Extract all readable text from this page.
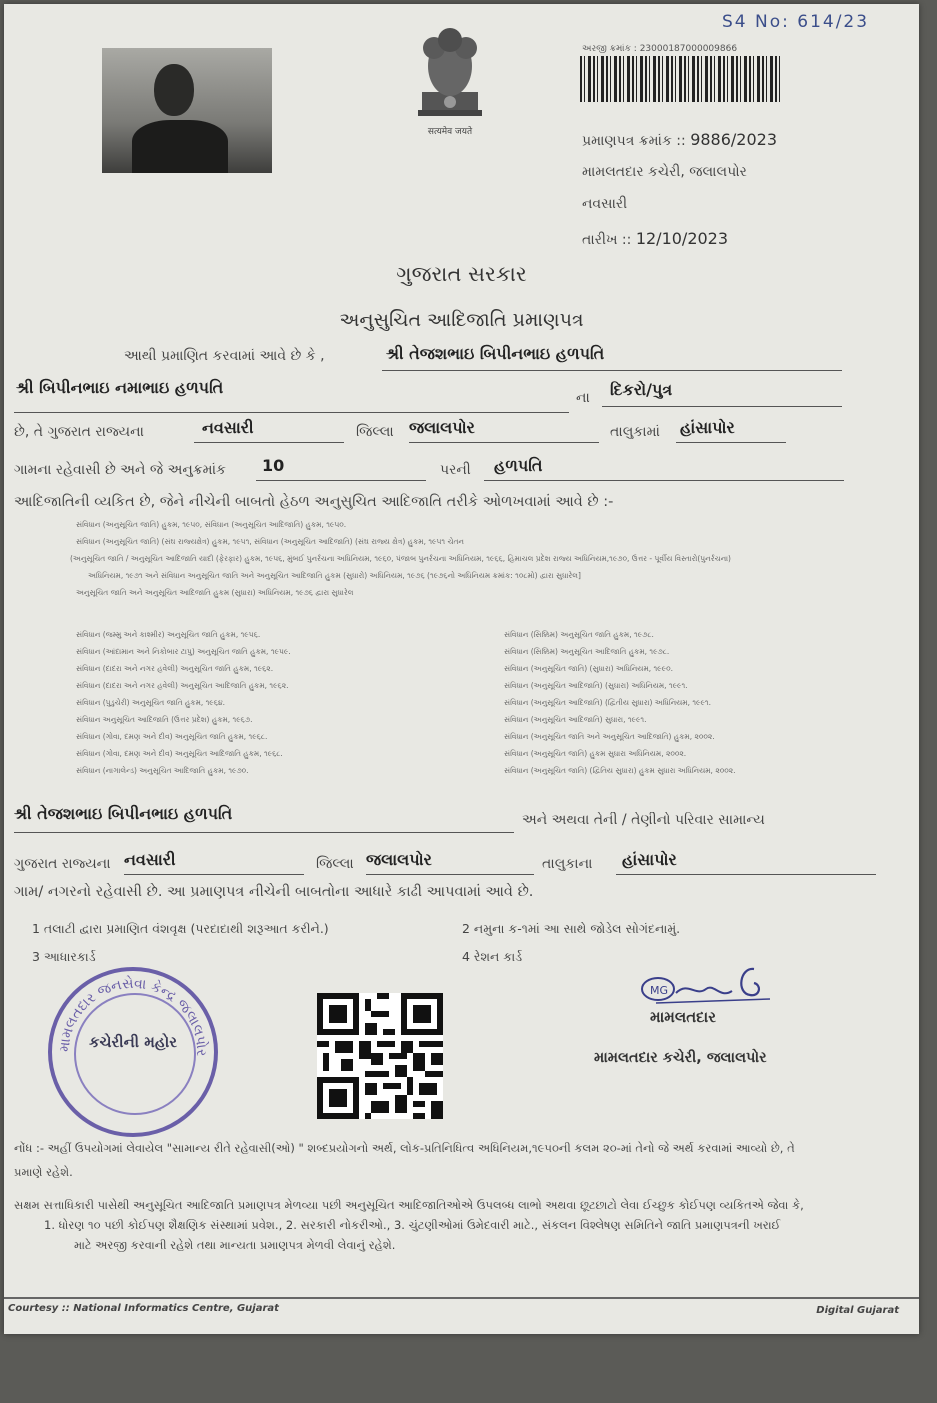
S4 No: 614/23
सत्यमेव जयते
અરજી ક્રમાંક : 23000187000009866
પ્રમાણપત્ર ક્રમાંક :: 9886/2023
મામલતદાર કચેરી, જલાલપોર
નવસારી
તારીખ :: 12/10/2023
ગુજરાત સરકાર
અનુસુચિત આદિજાતિ પ્રમાણપત્ર
આથી પ્રમાણિત કરવામાં આવે છે કે ,	શ્રી તેજશભાઇ બિપીનભાઇ હળપતિ
શ્રી બિપીનભાઇ નમાભાઇ હળપતિ
ના	દિકરો/પુત્ર
છે, તે ગુજરાત રાજ્યના	નવસારી	જિલ્લા જલાલપોર	તાલુકામાં હાંસાપોર
ગામના રહેવાસી છે અને જે અનુક્રમાંક	10	પરની	હળપતિ
આદિજાતિની વ્યકિત છે, જેને નીચેની બાબતો હેઠળ અનુસુચિત આદિજાતિ તરીકે ઓળખવામાં આવે છે :-
સંવિધાન (અનુસૂચિત જાતિ) હુકમ, ૧૯૫૦, સંવિધાન (અનુસૂચિત આદિજાતિ) હુકમ, ૧૯૫૦.
સંવિધાન (અનુસૂચિત જાતિ) (સંઘ રાજ્યક્ષેત્ર) હુકમ, ૧૯૫૧, સંવિધાન (અનુસૂચિત આદિજાતિ) (સંઘ રાજ્ય ક્ષેત્ર) હુકમ, ૧૯૫૧ ચેતન
(અનુસૂચિત જાતિ / અનુસૂચિત આદિજાતિ યાદી (ફેરફાર) હુકમ, ૧૯૫૬, મુંબઈ પુનર્રચના અધિનિયમ, ૧૯૬૦, પંજાબ પુનર્રચના અધિનિયમ, ૧૯૬૬, હિમાચલ પ્રદેશ રાજ્ય અધિનિયમ,૧૯૭૦, ઉત્તર - પૂર્વીય વિસ્તારો(પુનર્રચના)
અધિનિયમ, ૧૯૭૧ અને સંવિધાન અનુસૂચિત જાતિ અને અનુસૂચિત આદિજાતિ હુકમ (સુધારો) અધિનિયમ, ૧૯૭૬ (૧૯૭૬નો અધિનિયમ ક્રમાંક: ૧૦૮મો) દ્વારા સુધારેલ]
અનુસૂચિત જાતિ અને અનુસૂચિત આદિજાતિ હુકમ (સુધારા) અધિનિયમ, ૧૯૭૬ દ્વારા સુધારેલ
સંવિધાન (જમ્મુ અને કાશ્મીર) અનુસૂચિત જાતિ હુકમ, ૧૯૫૬.
સંવિધાન (આંદામાન અને નિકોબાર ટાપુ) અનુસૂચિત જાતિ હુકમ, ૧૯૫૯.
સંવિધાન (દાદરા અને નગર હવેલી) અનુસૂચિત જાતિ હુકમ, ૧૯૬૨.
સંવિધાન (દાદરા અને નગર હવેલી) અનુસૂચિત આદિજાતિ હુકમ, ૧૯૬૨.
સંવિધાન (પુડુચેરી) અનુસૂચિત જાતિ હુકમ, ૧૯૬૪.
સંવિધાન અનુસૂચિત આદિજાતિ (ઉત્તર પ્રદેશ) હુકમ, ૧૯૬૭.
સંવિધાન (ગોવા, દમણ અને દીવ) અનુસૂચિત જાતિ હુકમ, ૧૯૬૮.
સંવિધાન (ગોવા, દમણ અને દીવ) અનુસૂચિત આદિજાતિ હુકમ, ૧૯૬૮.
સંવિધાન (નાગાલેન્ડ) અનુસૂચિત આદિજાતિ હુકમ, ૧૯૭૦.
સંવિધાન (સિક્કિમ) અનુસૂચિત જાતિ હુકમ, ૧૯૭૮.
સંવિધાન (સિક્કિમ) અનુસૂચિત આદિજાતિ હુકમ, ૧૯૭૮.
સંવિધાન (અનુસૂચિત જાતિ) (સુધારા) અધિનિયમ, ૧૯૯૦.
સંવિધાન (અનુસૂચિત આદિજાતિ) (સુધારા) અધિનિયમ, ૧૯૯૧.
સંવિધાન (અનુસૂચિત આદિજાતિ) (દ્વિતીય સુધારા) અધિનિયમ, ૧૯૯૧.
સંવિધાન (અનુસૂચિત આદિજાતિ) સુધારા, ૧૯૯૧.
સંવિધાન (અનુસૂચિત જાતિ અને અનુસૂચિત આદિજાતિ) હુકમ, ૨૦૦૨.
સંવિધાન (અનુસૂચિત જાતિ) હુકમ સુધારા અધિનિયમ, ૨૦૦૨.
સંવિધાન (અનુસૂચિત જાતિ) (દ્વિતિય સુધારા) હુકમ સુધારા અધિનિયમ, ૨૦૦૨.
શ્રી તેજશભાઇ બિપીનભાઇ હળપતિ	અને અથવા તેની / તેણીનો પરિવાર સામાન્ય
ગુજરાત રાજ્યના નવસારી	જિલ્લા જલાલપોર	તાલુકાના	હાંસાપોર
ગામ/ નગરનો રહેવાસી છે. આ પ્રમાણપત્ર નીચેની બાબતોના આધારે કાઢી આપવામાં આવે છે.
1 તલાટી દ્વારા પ્રમાણિત વંશવૃક્ષ (પરદાદાથી શરૂઆત કરીને.)	2 નમુના ક-૧માં આ સાથે જોડેલ સોગંદનામું.
3 આધારકાર્ડ	4 રેશન કાર્ડ
મામલતદાર જનસેવા કેન્દ્ર જલાલપોર
કચેરીની મહોર
MG
મામલતદાર
મામલતદાર કચેરી, જલાલપોર
નોંધ :- અહીં ઉપયોગમાં લેવાયેલ "સામાન્ય રીતે રહેવાસી(ઓ) " શબ્દપ્રયોગનો અર્થ, લોક-પ્રતિનિધિત્વ અધિનિયમ,૧૯૫૦ની કલમ ૨૦-માં તેનો જે અર્થ કરવામાં આવ્યો છે, તે
પ્રમાણે રહેશે.
સક્ષમ સત્તાધિકારી પાસેથી અનુસૂચિત આદિજાતિ પ્રમાણપત્ર મેળવ્યા પછી અનુસૂચિત આદિજાતિઓએ ઉપલબ્ધ લાભો અથવા છૂટછાટો લેવા ઈચ્છુક કોઈપણ વ્યકિતએ જેવા કે,
1. ધોરણ ૧૦ પછી કોઈપણ શૈક્ષણિક સંસ્થામાં પ્રવેશ., 2. સરકારી નોકરીઓ., 3. ચુંટણીઓમાં ઉમેદવારી માટે., સંકલન વિશ્લેષણ સમિતિને જાતિ પ્રમાણપત્રની ખરાઈ
માટે અરજી કરવાની રહેશે તથા માન્યતા પ્રમાણપત્ર મેળવી લેવાનું રહેશે.
Courtesy :: National Informatics Centre, Gujarat	Digital Gujarat
